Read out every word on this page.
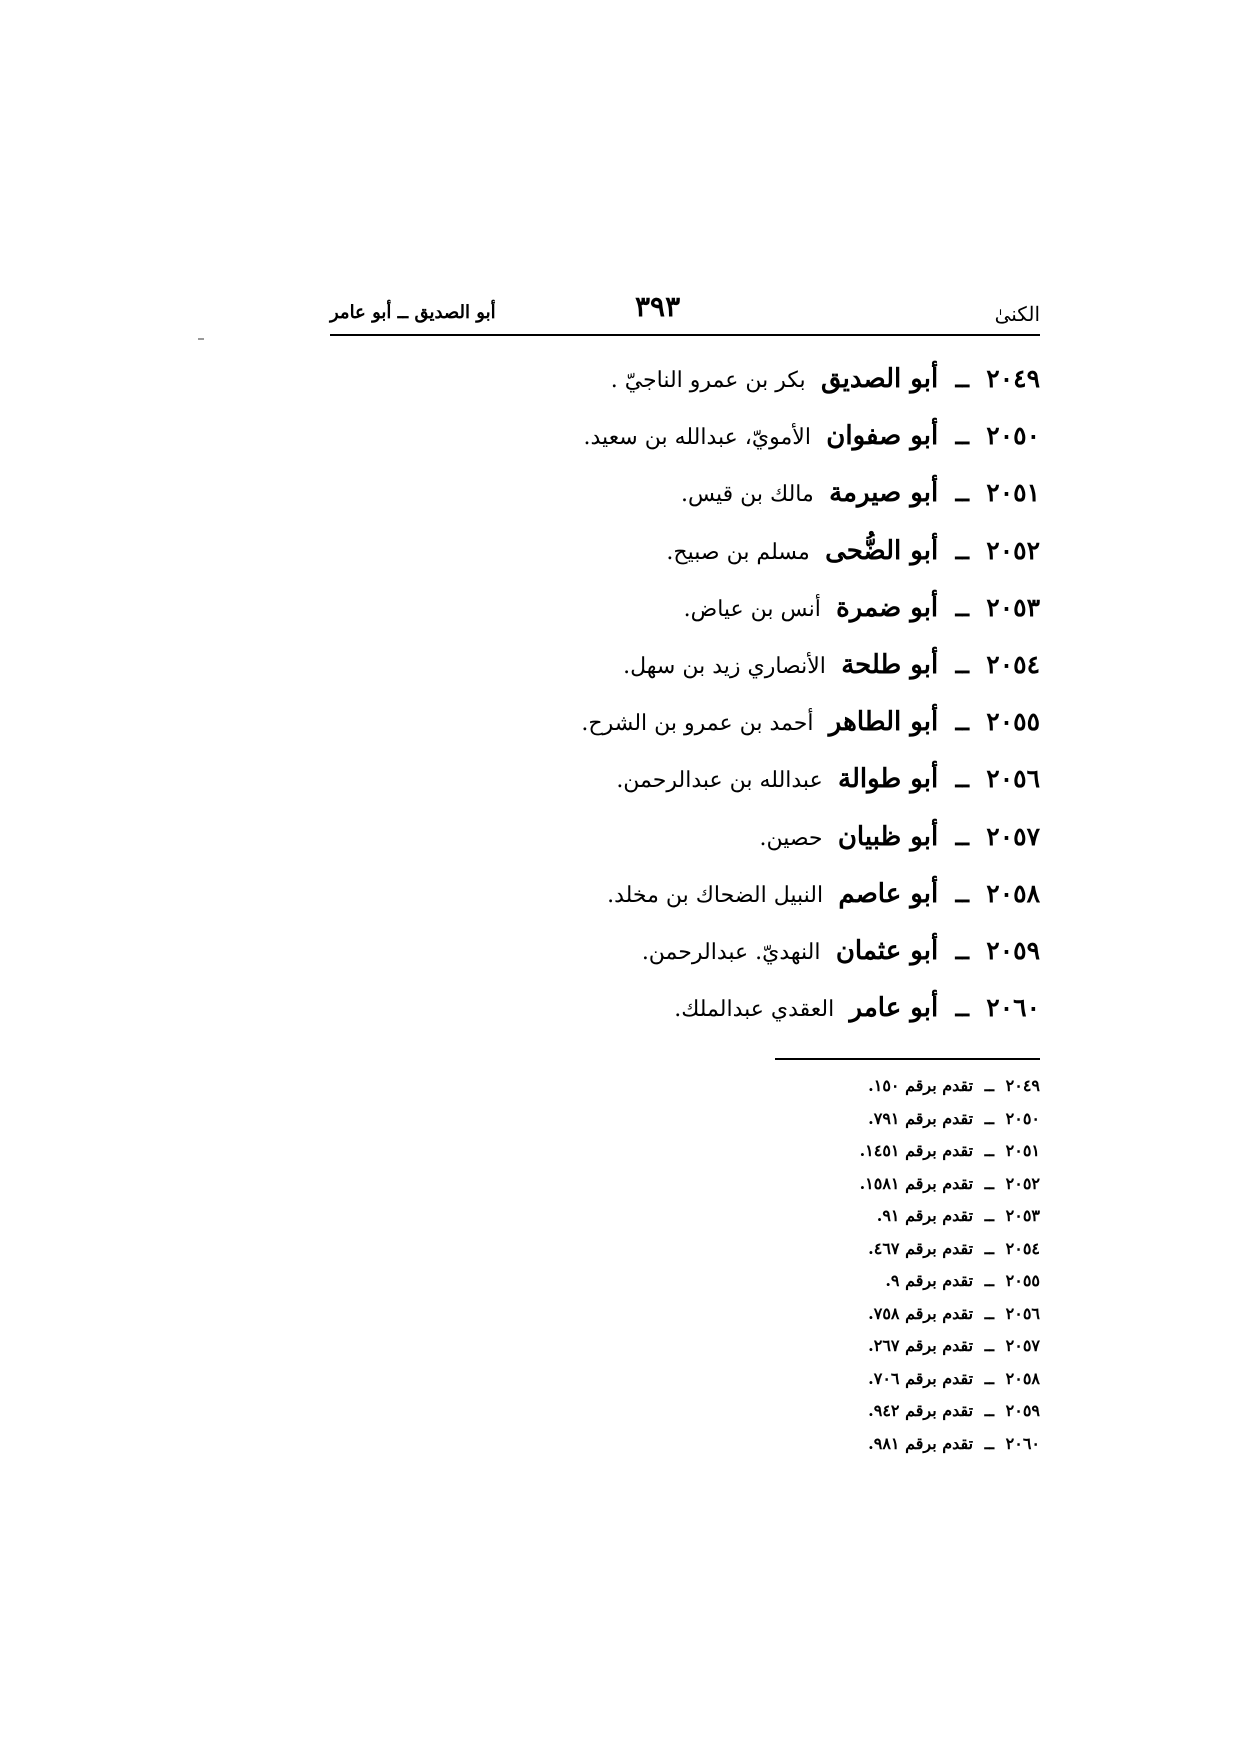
الكنىٰ
٣٩٣
أبو الصديق ــ أبو عامر
٢٠٤٩ ــ أبو الصديق بكر بن عمرو الناجيّ .
٢٠٥٠ ــ أبو صفوان الأمويّ، عبدالله بن سعيد.
٢٠٥١ ــ أبو صيرمة مالك بن قيس.
٢٠٥٢ ــ أبو الضُّحى مسلم بن صبيح.
٢٠٥٣ ــ أبو ضمرة أنس بن عياض.
٢٠٥٤ ــ أبو طلحة الأنصاري زيد بن سهل.
٢٠٥٥ ــ أبو الطاهر أحمد بن عمرو بن الشرح.
٢٠٥٦ ــ أبو طوالة عبدالله بن عبدالرحمن.
٢٠٥٧ ــ أبو ظبيان حصين.
٢٠٥٨ ــ أبو عاصم النبيل الضحاك بن مخلد.
٢٠٥٩ ــ أبو عثمان النهديّ. عبدالرحمن.
٢٠٦٠ ــ أبو عامر العقدي عبدالملك.
٢٠٤٩ ــ تقدم برقم ١٥٠.
٢٠٥٠ ــ تقدم برقم ٧٩١.
٢٠٥١ ــ تقدم برقم ١٤٥١.
٢٠٥٢ ــ تقدم برقم ١٥٨١.
٢٠٥٣ ــ تقدم برقم ٩١.
٢٠٥٤ ــ تقدم برقم ٤٦٧.
٢٠٥٥ ــ تقدم برقم ٩.
٢٠٥٦ ــ تقدم برقم ٧٥٨.
٢٠٥٧ ــ تقدم برقم ٢٦٧.
٢٠٥٨ ــ تقدم برقم ٧٠٦.
٢٠٥٩ ــ تقدم برقم ٩٤٢.
٢٠٦٠ ــ تقدم برقم ٩٨١.
